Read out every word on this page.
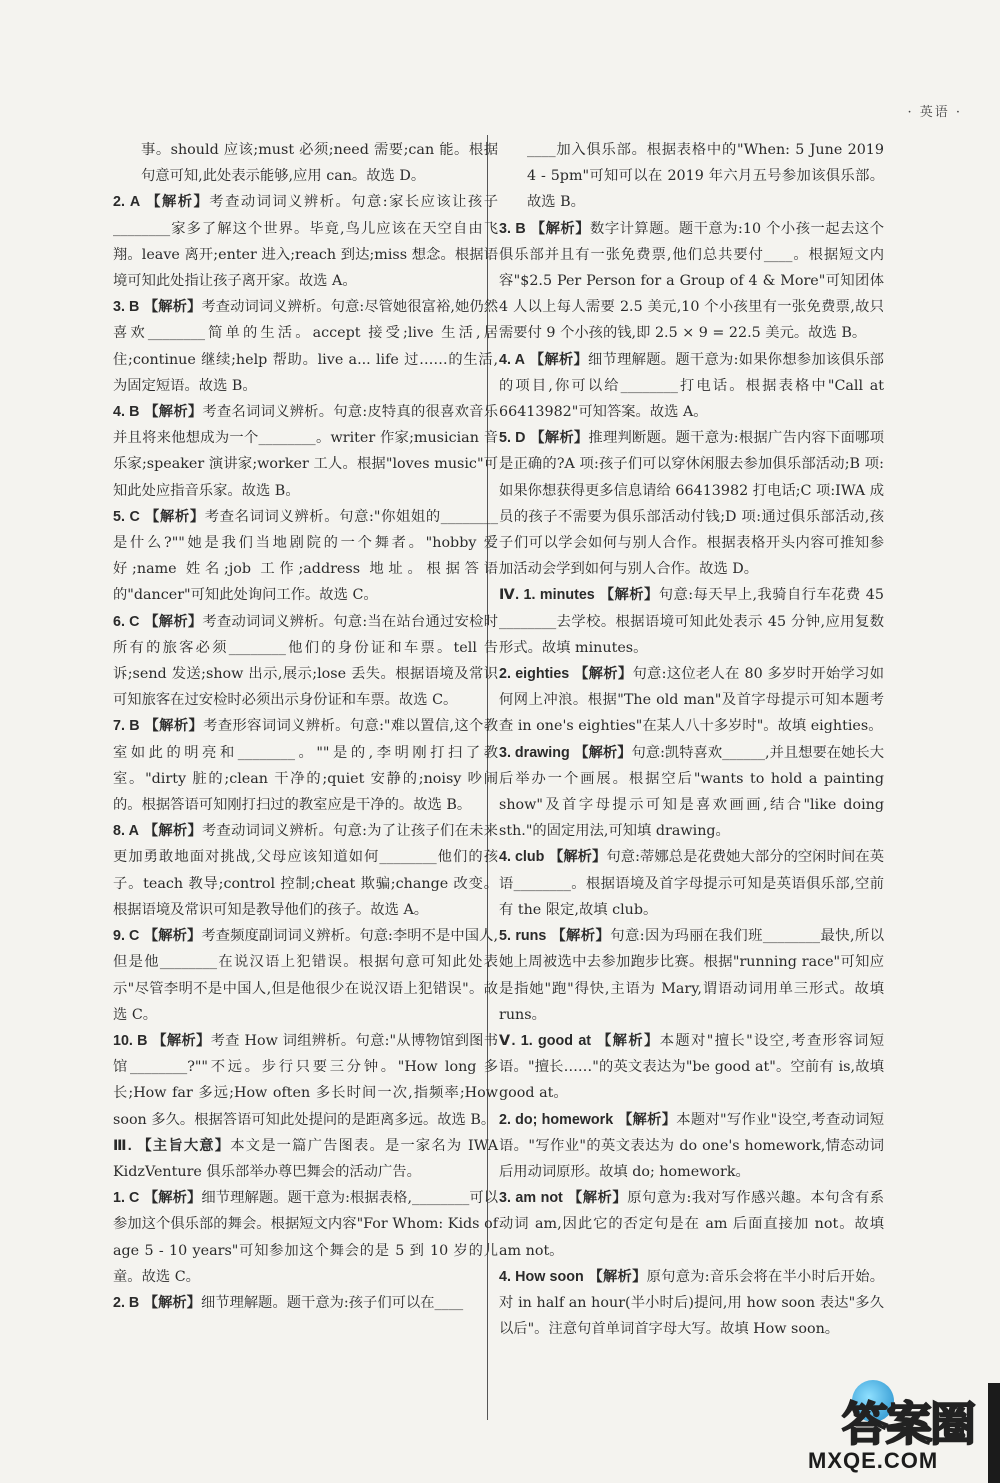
· 英语 ·
事。should 应该;must 必须;need 需要;can 能。根据句意可知,此处表示能够,应用 can。故选 D。
2. A 【解析】考查动词词义辨析。句意:家长应该让孩子________家多了解这个世界。毕竟,鸟儿应该在天空自由飞翔。leave 离开;enter 进入;reach 到达;miss 想念。根据语境可知此处指让孩子离开家。故选 A。
3. B 【解析】考查动词词义辨析。句意:尽管她很富裕,她仍然喜欢________简单的生活。accept 接受;live 生活,居住;continue 继续;help 帮助。live a... life 过……的生活,为固定短语。故选 B。
4. B 【解析】考查名词词义辨析。句意:皮特真的很喜欢音乐并且将来他想成为一个________。writer 作家;musician 音乐家;speaker 演讲家;worker 工人。根据"loves music"可知此处应指音乐家。故选 B。
5. C 【解析】考查名词词义辨析。句意:"你姐姐的________是什么?""她是我们当地剧院的一个舞者。"hobby 爱好;name 姓名;job 工作;address 地址。根据答语的"dancer"可知此处询问工作。故选 C。
6. C 【解析】考查动词词义辨析。句意:当在站台通过安检时所有的旅客必须________他们的身份证和车票。tell 告诉;send 发送;show 出示,展示;lose 丢失。根据语境及常识可知旅客在过安检时必须出示身份证和车票。故选 C。
7. B 【解析】考查形容词词义辨析。句意:"难以置信,这个教室如此的明亮和________。""是的,李明刚打扫了教室。"dirty 脏的;clean 干净的;quiet 安静的;noisy 吵闹的。根据答语可知刚打扫过的教室应是干净的。故选 B。
8. A 【解析】考查动词词义辨析。句意:为了让孩子们在未来更加勇敢地面对挑战,父母应该知道如何________他们的孩子。teach 教导;control 控制;cheat 欺骗;change 改变。根据语境及常识可知是教导他们的孩子。故选 A。
9. C 【解析】考查频度副词词义辨析。句意:李明不是中国人,但是他________在说汉语上犯错误。根据句意可知此处表示"尽管李明不是中国人,但是他很少在说汉语上犯错误"。故选 C。
10. B 【解析】考查 How 词组辨析。句意:"从博物馆到图书馆________?""不远。步行只要三分钟。"How long 多长;How far 多远;How often 多长时间一次,指频率;How soon 多久。根据答语可知此处提问的是距离多远。故选 B。
Ⅲ. 【主旨大意】本文是一篇广告图表。是一家名为 IWA KidzVenture 俱乐部举办尊巴舞会的活动广告。
1. C 【解析】细节理解题。题干意为:根据表格,________可以参加这个俱乐部的舞会。根据短文内容"For Whom: Kids of age 5 - 10 years"可知参加这个舞会的是 5 到 10 岁的儿童。故选 C。
2. B 【解析】细节理解题。题干意为:孩子们可以在____
____加入俱乐部。根据表格中的"When: 5 June 2019 4 - 5pm"可知可以在 2019 年六月五号参加该俱乐部。故选 B。
3. B 【解析】数字计算题。题干意为:10 个小孩一起去这个俱乐部并且有一张免费票,他们总共要付____。根据短文内容"$2.5 Per Person for a Group of 4 & More"可知团体 4 人以上每人需要 2.5 美元,10 个小孩里有一张免费票,故只需要付 9 个小孩的钱,即 2.5 × 9 = 22.5 美元。故选 B。
4. A 【解析】细节理解题。题干意为:如果你想参加该俱乐部的项目,你可以给________打电话。根据表格中"Call at 66413982"可知答案。故选 A。
5. D 【解析】推理判断题。题干意为:根据广告内容下面哪项是正确的?A 项:孩子们可以穿休闲服去参加俱乐部活动;B 项:如果你想获得更多信息请给 66413982 打电话;C 项:IWA 成员的孩子不需要为俱乐部活动付钱;D 项:通过俱乐部活动,孩子们可以学会如何与别人合作。根据表格开头内容可推知参加活动会学到如何与别人合作。故选 D。
Ⅳ. 1. minutes 【解析】句意:每天早上,我骑自行车花费 45 ________去学校。根据语境可知此处表示 45 分钟,应用复数形式。故填 minutes。
2. eighties 【解析】句意:这位老人在 80 多岁时开始学习如何网上冲浪。根据"The old man"及首字母提示可知本题考查 in one's eighties"在某人八十多岁时"。故填 eighties。
3. drawing 【解析】句意:凯特喜欢______,并且想要在她长大后举办一个画展。根据空后"wants to hold a painting show"及首字母提示可知是喜欢画画,结合"like doing sth."的固定用法,可知填 drawing。
4. club 【解析】句意:蒂娜总是花费她大部分的空闲时间在英语________。根据语境及首字母提示可知是英语俱乐部,空前有 the 限定,故填 club。
5. runs 【解析】句意:因为玛丽在我们班________最快,所以她上周被选中去参加跑步比赛。根据"running race"可知应是指她"跑"得快,主语为 Mary,谓语动词用单三形式。故填 runs。
Ⅴ. 1. good at 【解析】本题对"擅长"设空,考查形容词短语。"擅长……"的英文表达为"be good at"。空前有 is,故填 good at。
2. do; homework 【解析】本题对"写作业"设空,考查动词短语。"写作业"的英文表达为 do one's homework,情态动词后用动词原形。故填 do; homework。
3. am not 【解析】原句意为:我对写作感兴趣。本句含有系动词 am,因此它的否定句是在 am 后面直接加 not。故填 am not。
4. How soon 【解析】原句意为:音乐会将在半小时后开始。对 in half an hour(半小时后)提问,用 how soon 表达"多久以后"。注意句首单词首字母大写。故填 How soon。
答案圈
MXQE.COM
